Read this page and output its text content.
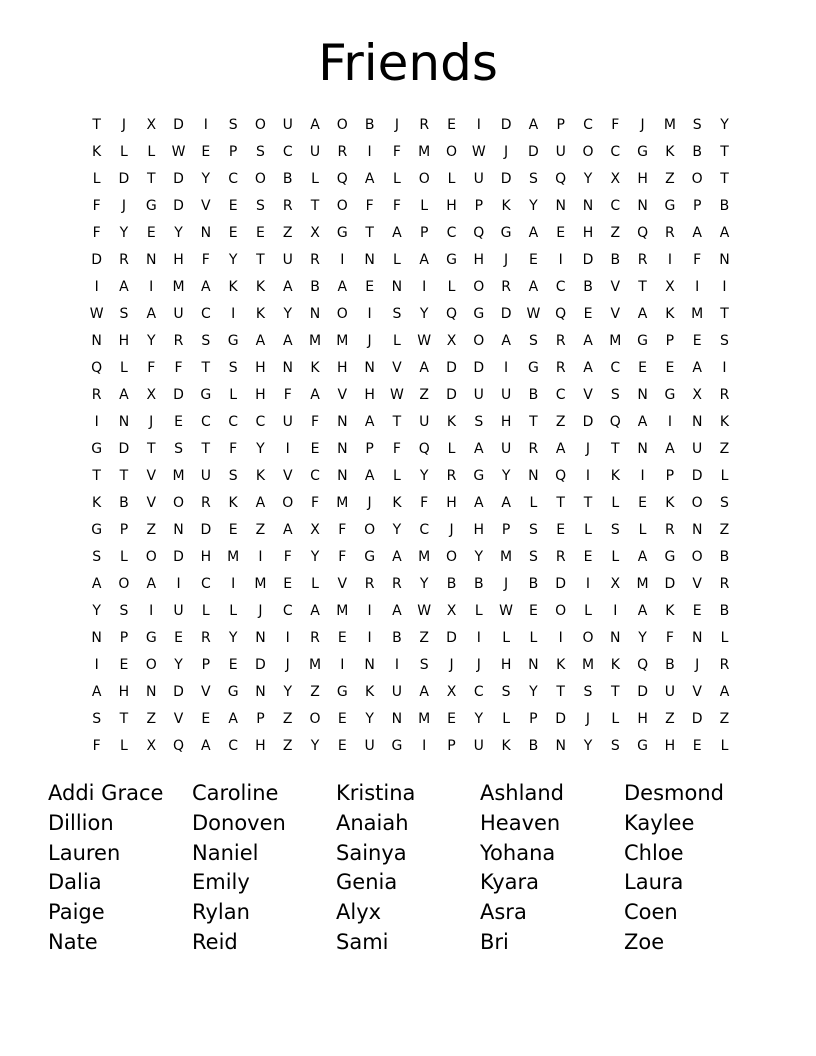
Friends
T	J	X	D	I	S	O	U	A	O	B	J	R	E	I	D	A	P	C	F	J	M	S	Y
K	L	L	W	E	P	S	C	U	R	I	F	M	O	W	J	D	U	O	C	G	K	B	T
L	D	T	D	Y	C	O	B	L	Q	A	L	O	L	U	D	S	Q	Y	X	H	Z	O	T
F	J	G	D	V	E	S	R	T	O	F	F	L	H	P	K	Y	N	N	C	N	G	P	B
F	Y	E	Y	N	E	E	Z	X	G	T	A	P	C	Q	G	A	E	H	Z	Q	R	A	A
D	R	N	H	F	Y	T	U	R	I	N	L	A	G	H	J	E	I	D	B	R	I	F	N
I	A	I	M	A	K	K	A	B	A	E	N	I	L	O	R	A	C	B	V	T	X	I	I
W	S	A	U	C	I	K	Y	N	O	I	S	Y	Q	G	D	W	Q	E	V	A	K	M	T
N	H	Y	R	S	G	A	A	M	M	J	L	W	X	O	A	S	R	A	M	G	P	E	S
Q	L	F	F	T	S	H	N	K	H	N	V	A	D	D	I	G	R	A	C	E	E	A	I
R	A	X	D	G	L	H	F	A	V	H	W	Z	D	U	U	B	C	V	S	N	G	X	R
I	N	J	E	C	C	C	U	F	N	A	T	U	K	S	H	T	Z	D	Q	A	I	N	K
G	D	T	S	T	F	Y	I	E	N	P	F	Q	L	A	U	R	A	J	T	N	A	U	Z
T	T	V	M	U	S	K	V	C	N	A	L	Y	R	G	Y	N	Q	I	K	I	P	D	L
K	B	V	O	R	K	A	O	F	M	J	K	F	H	A	A	L	T	T	L	E	K	O	S
G	P	Z	N	D	E	Z	A	X	F	O	Y	C	J	H	P	S	E	L	S	L	R	N	Z
S	L	O	D	H	M	I	F	Y	F	G	A	M	O	Y	M	S	R	E	L	A	G	O	B
A	O	A	I	C	I	M	E	L	V	R	R	Y	B	B	J	B	D	I	X	M	D	V	R
Y	S	I	U	L	L	J	C	A	M	I	A	W	X	L	W	E	O	L	I	A	K	E	B
N	P	G	E	R	Y	N	I	R	E	I	B	Z	D	I	L	L	I	O	N	Y	F	N	L
I	E	O	Y	P	E	D	J	M	I	N	I	S	J	J	H	N	K	M	K	Q	B	J	R
A	H	N	D	V	G	N	Y	Z	G	K	U	A	X	C	S	Y	T	S	T	D	U	V	A
S	T	Z	V	E	A	P	Z	O	E	Y	N	M	E	Y	L	P	D	J	L	H	Z	D	Z
F	L	X	Q	A	C	H	Z	Y	E	U	G	I	P	U	K	B	N	Y	S	G	H	E	L
Addi Grace	Caroline	Kristina	Ashland	Desmond
Dillion	Donoven	Anaiah	Heaven	Kaylee
Lauren	Naniel	Sainya	Yohana	Chloe
Dalia	Emily	Genia	Kyara	Laura
Paige	Rylan	Alyx	Asra	Coen
Nate	Reid	Sami	Bri	Zoe
